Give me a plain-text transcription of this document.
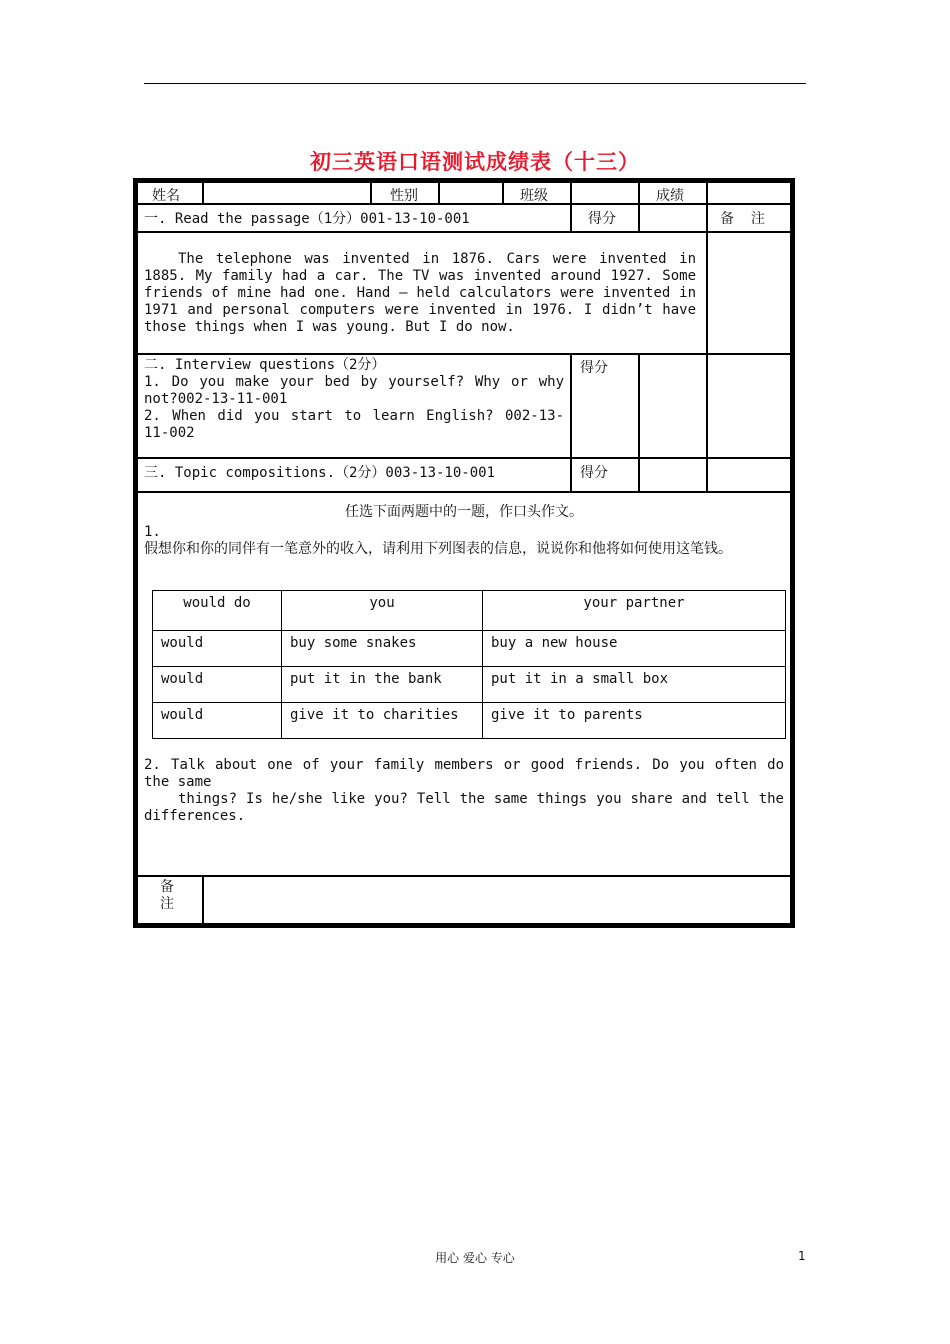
初三英语口语测试成绩表（十三）
姓名	性别	班级	成绩
一. Read the passage（1分）001-13-10-001	得分	备  注
The telephone was invented in 1876. Cars were invented in 1885. My family had a car. The TV was invented around 1927. Some friends of mine had one. Hand – held calculators were invented in 1971 and personal computers were invented in 1976. I didn’t have those things when I was young. But I do now.
二. Interview questions（2分）
1. Do you make your bed by yourself? Why or why not?002-13-11-001
2. When did you start to learn English? 002-13-11-002
得分
三. Topic compositions.（2分）003-13-10-001	得分
任选下面两题中的一题，作口头作文。
1.
假想你和你的同伴有一笔意外的收入，请利用下列图表的信息，说说你和他将如何使用这笔钱。
would do	you	your partner
would	buy some snakes	buy a new house
would	put it in the bank	put it in a small box
would	give it to charities	give it to parents
2. Talk about one of your family members or good friends. Do you often do the same
things? Is he/she like you? Tell the same things you share and tell the differences.
备注
用心 爱心 专心	1
